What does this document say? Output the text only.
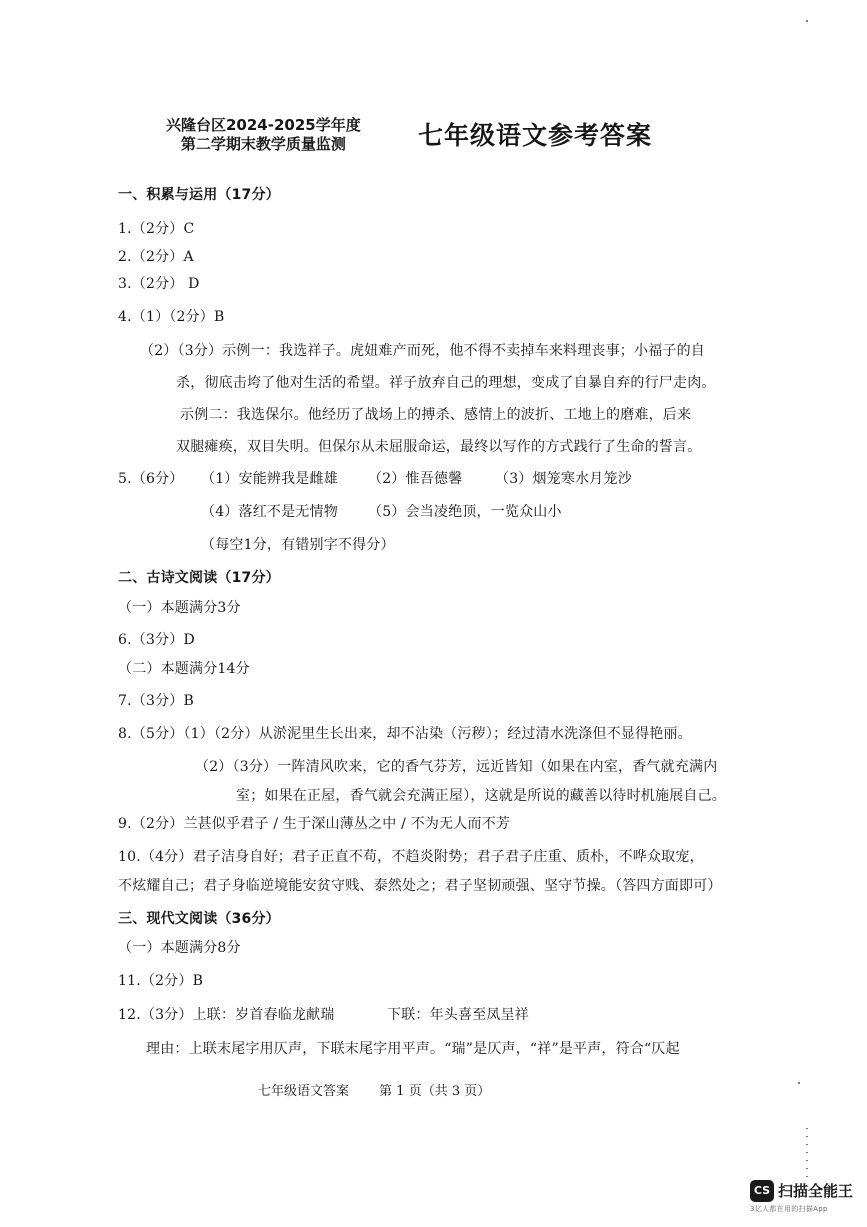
兴隆台区2024-2025学年度
第二学期末教学质量监测	七年级语文参考答案
一、积累与运用（17分）
1.（2分）C
2.（2分）A
3.（2分） D
4.（1）（2分）B
（2）（3分）示例一：我选祥子。虎妞难产而死，他不得不卖掉车来料理丧事；小福子的自
杀，彻底击垮了他对生活的希望。祥子放弃自己的理想，变成了自暴自弃的行尸走肉。
示例二：我选保尔。他经历了战场上的搏杀、感情上的波折、工地上的磨难，后来
双腿瘫痪，双目失明。但保尔从未屈服命运，最终以写作的方式践行了生命的誓言。
5.（6分） （1）安能辨我是雌雄 （2）惟吾德馨 （3）烟笼寒水月笼沙
（4）落红不是无情物 （5）会当凌绝顶，一览众山小
（每空1分，有错别字不得分）
二、古诗文阅读（17分）
（一）本题满分3分
6.（3分）D
（二）本题满分14分
7.（3分）B
8.（5分）（1）（2分）从淤泥里生长出来，却不沾染（污秽）；经过清水洗涤但不显得艳丽。
（2）（3分）一阵清风吹来，它的香气芬芳，远近皆知（如果在内室，香气就充满内
室；如果在正屋，香气就会充满正屋），这就是所说的藏善以待时机施展自己。
9.（2分）兰甚似乎君子 / 生于深山薄丛之中 / 不为无人而不芳
10.（4分）君子洁身自好；君子正直不苟，不趋炎附势；君子君子庄重、质朴，不哗众取宠，
不炫耀自己；君子身临逆境能安贫守贱、泰然处之；君子坚韧顽强、坚守节操。（答四方面即可）
三、现代文阅读（36分）
（一）本题满分8分
11.（2分）B
12.（3分）上联：岁首春临龙献瑞	下联：年头喜至凤呈祥
理由：上联末尾字用仄声，下联末尾字用平声。“瑞”是仄声，“祥”是平声，符合“仄起
七年级语文答案 第 1 页（共 3 页）
CS 扫描全能王
3亿人都在用的扫描App
